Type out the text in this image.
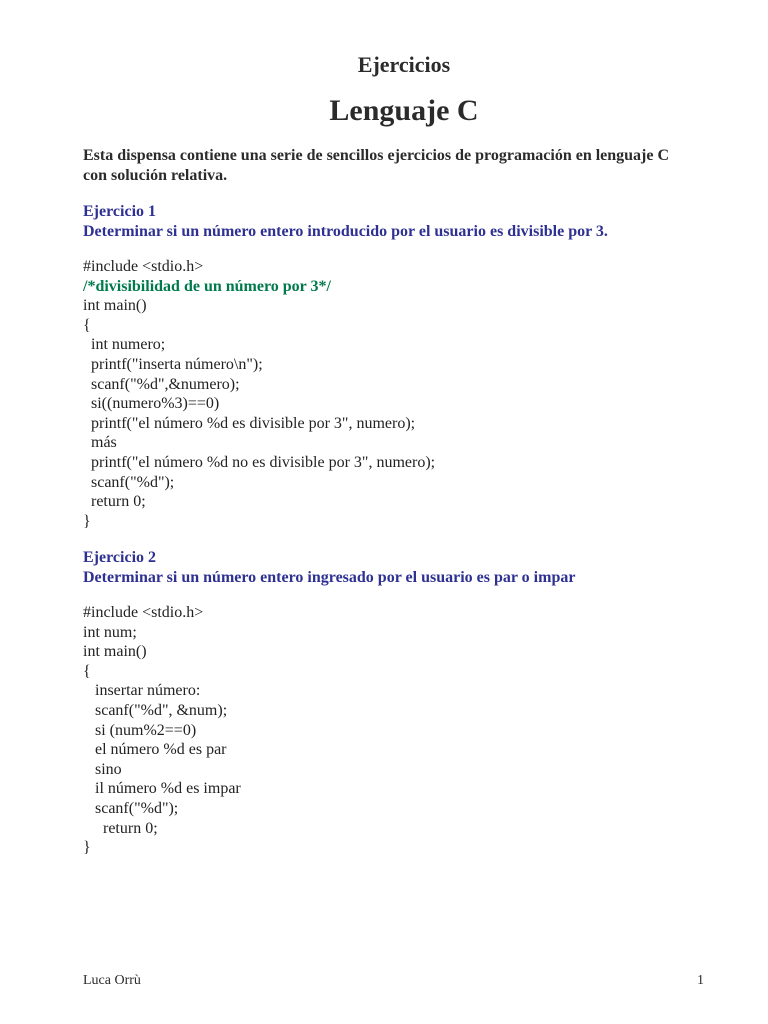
Ejercicios
Lenguaje C

Esta dispensa contiene una serie de sencillos ejercicios de programación en lenguaje C con solución relativa.

Ejercicio 1

Determinar si un número entero introducido por el usuario es divisible por 3.

#include <stdio.h>
/*divisibilidad de un número por 3*/
int main()
{
int numero;
printf("inserta número\n");
scanf("%d",&numero);
si((numero%3)==0)
printf("el número %d es divisible por 3", numero);
más
printf("el número %d no es divisible por 3", numero);
scanf("%d");
return 0;
}

Ejercicio 2

Determinar si un número entero ingresado por el usuario es par o impar

#include <stdio.h>
int num;
int main()
{
insertar número:
scanf("%d", &num);
si (num%2==0)
el número %d es par
sino
il número %d es impar
scanf("%d");
return 0;
}
Luca Orrù	1
